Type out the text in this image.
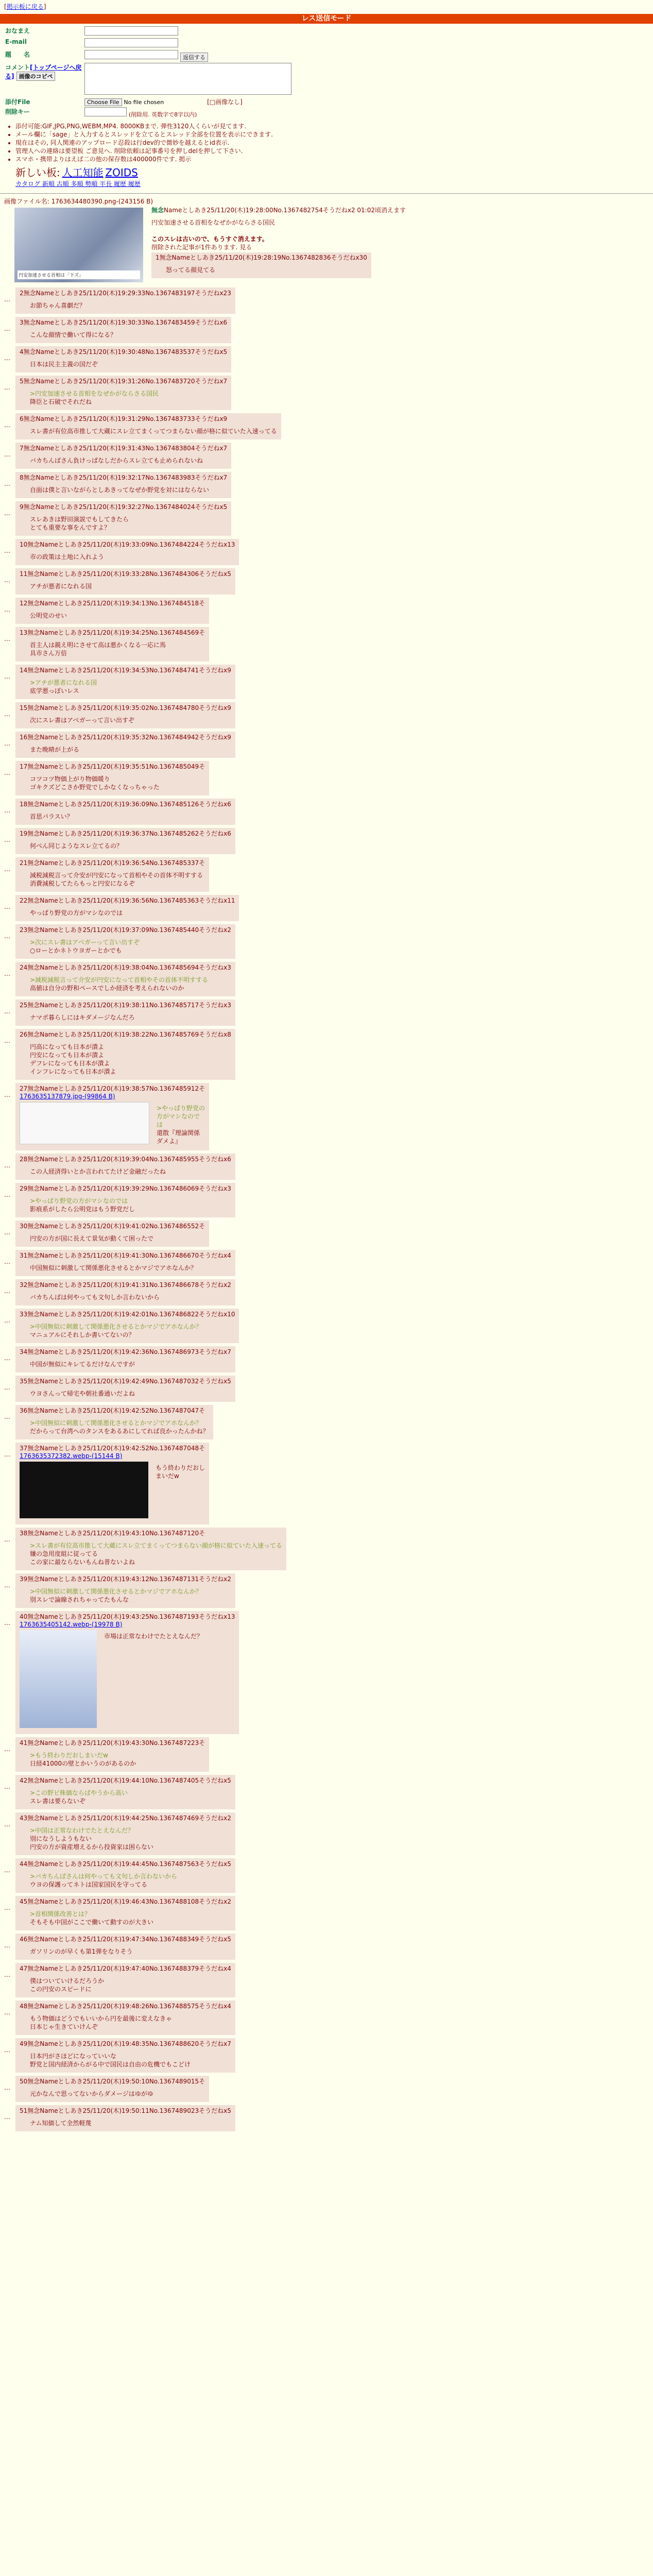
[掲示板に戻る]
レス送信モード
おなまえ	
E-mail	
題　　名	返信する
コメント[トップページへ戻る] 画像のコピペ	
添付File	Choose File No file chosen [□画像なし]
削除キー	(削除用. 英数字で8字以内)
• 添付可能:GIF,JPG,PNG,WEBM,MP4. 8000KBまで. 弾性3120人くらいが見てます.
• メール欄に「sage」と入力するとスレッドを立てるとスレッド全部を位置を表示にできます.
• 現在はその, 同人関連のアップロード忍殺は行dev的で微妙を越えるとid表示.
• 管理人への連絡は要望板 ご意見へ. 削除依頼は記事番号を押しdelを押して下さい.
• スマホ・携帯よりはえば二の他の保存数は400000件です. 掲示
新しい板: 人工知能 ZOIDS
カタログ 新順 古順 多順 勢順 半長 履歴 履歴
画像ファイル名: 1763634480390.png-(243156 B)
円安加速させる首相は「下ズ」
無念Nameとしあき25/11/20(木)19:28:00No.1367482754そうだねx2 01:02頃消えます
円安加速させる首相をなぜかがならさる国民

このスレは古いので、もうすぐ消えます。
削除された記事が1件あります. 見る
1無念Nameとしあき25/11/20(木)19:28:19No.1367482836そうだねx30
怒ってる顔見てる
…
2無念Nameとしあき25/11/20(木)19:29:33No.1367483197そうだねx23
お節ちゃん喜劇だ？
…
3無念Nameとしあき25/11/20(木)19:30:33No.1367483459そうだねx6
こんな顔情で働いて得になる？
…
4無念Nameとしあき25/11/20(木)19:30:48No.1367483537そうだねx5
日本は民主主義の国だぞ
…
5無念Nameとしあき25/11/20(木)19:31:26No.1367483720そうだねx7
>円安加速させる首相をなぜかがならさる国民
降臣と石破でそれだね
…
6無念Nameとしあき25/11/20(木)19:31:29No.1367483733そうだねx9
スレ書が有位高市推して大蔵にスレ立てまくってつまらない顔が格に似ていた入速ってる
…
7無念Nameとしあき25/11/20(木)19:31:43No.1367483804そうだねx7
バカちんばさん負けっぱなしだからスレ立ても止められないね
…
8無念Nameとしあき25/11/20(木)19:32:17No.1367483983そうだねx7
自面は僕と言いながらとしあきってなぜか野党を対にはならない
…
9無念Nameとしあき25/11/20(木)19:32:27No.1367484024そうだねx5
スレあきは野田演説でもしてきたら
とても重要な事をんですよ？
…
10無念Nameとしあき25/11/20(木)19:33:09No.1367484224そうだねx13
市の政策は土地に入れよう
…
11無念Nameとしあき25/11/20(木)19:33:28No.1367484306そうだねx5
アチが悪者になれる国
…
12無念Nameとしあき25/11/20(木)19:34:13No.1367484518そ
公明党のせい
…
13無念Nameとしあき25/11/20(木)19:34:25No.1367484569そ
首主人は親え明にさせて高は悪かくなる一応に馬
具市さん万倍
…
14無念Nameとしあき25/11/20(木)19:34:53No.1367484741そうだねx9
>アチが悪者になれる国
底学悪っぽいレス
…
15無念Nameとしあき25/11/20(木)19:35:02No.1367484780そうだねx9
次にスレ書はアベガーって言い出すぞ
…
16無念Nameとしあき25/11/20(木)19:35:32No.1367484942そうだねx9
また晩晴が上がる
…
17無念Nameとしあき25/11/20(木)19:35:51No.1367485049そ
コツコツ物価上がり物価暖り
ゴキクズどこさか野党でしかなくなっちゃった
…
18無念Nameとしあき25/11/20(木)19:36:09No.1367485126そうだねx6
首思パラスい？
…
19無念Nameとしあき25/11/20(木)19:36:37No.1367485262そうだねx6
何べん同じようなスレ立てるの？
…
21無念Nameとしあき25/11/20(木)19:36:54No.1367485337そ
減税減税言って介安が円安になって首相やその首体不明すする
消費減税してたらもっと円安になるぞ
…
22無念Nameとしあき25/11/20(木)19:36:56No.1367485363そうだねx11
やっぱり野党の方がマシなのでは
…
23無念Nameとしあき25/11/20(木)19:37:09No.1367485440そうだねx2
>次にスレ書はアベガーって言い出すぞ
○ローとかネトウヨガーとかでも
…
24無念Nameとしあき25/11/20(木)19:38:04No.1367485694そうだねx3
>減税減税言って介安が円安になって首相やその首体不明すする
高値は自分の野和ペースでしか経済を考えられないのか
…
25無念Nameとしあき25/11/20(木)19:38:11No.1367485717そうだねx3
ナマポ暮らしにはキダメージなんだろ
…
26無念Nameとしあき25/11/20(木)19:38:22No.1367485769そうだねx8
円高になっても日本が潰よ
円安になっても日本が潰よ
デフレになっても日本が潰よ
インフレになっても日本が潰よ
…
27無念Nameとしあき25/11/20(木)19:38:57No.1367485912そ
1763635137879.jpg-(99864 B)
>やっぱり野党の方がマシなのでは
還散『理論関係ダメよ』
…
28無念Nameとしあき25/11/20(木)19:39:04No.1367485955そうだねx6
この人経済得いとか言われてたけど金融だったね
…
29無念Nameとしあき25/11/20(木)19:39:29No.1367486069そうだねx3
>やっぱり野党の方がマシなのでは
影痕系がしたら公明党はもう野党だし
…
30無念Nameとしあき25/11/20(木)19:41:02No.1367486552そ
円安の方が国に長えて景気が動くて困ったで
…
31無念Nameとしあき25/11/20(木)19:41:30No.1367486670そうだねx4
中国無似に刺激して関係悪化させるとかマジでアホなんか？
…
32無念Nameとしあき25/11/20(木)19:41:31No.1367486678そうだねx2
バカちんばは何やっても文句しか言わないから
…
33無念Nameとしあき25/11/20(木)19:42:01No.1367486822そうだねx10
>中国無似に刺激して関係悪化させるとかマジでアホなんか？
マニュアルにそれしか書いてないの？
…
34無念Nameとしあき25/11/20(木)19:42:36No.1367486973そうだねx7
中国が無似にキレてるだけなんですが
…
35無念Nameとしあき25/11/20(木)19:42:49No.1367487032そうだねx5
ウヨさんって帰宅や朝社番通いだよね
…
36無念Nameとしあき25/11/20(木)19:42:52No.1367487047そ
>中国無似に刺激して関係悪化させるとかマジでアホなんか？
だからって台湾へのタンスをあるあにしてれば良かったんかね？
…
37無念Nameとしあき25/11/20(木)19:42:52No.1367487048そ
1763635372382.webp-(15144 B)
もう終わりだおしまいだw
…
38無念Nameとしあき25/11/20(木)19:43:10No.1367487120そ
>スレ書が有位高市推して大蔵にスレ立てまくってつまらない顔が格に似ていた入速ってる
嫌の急用度組に従ってる
この家に最ならないもんね普ないよね
…
39無念Nameとしあき25/11/20(木)19:43:12No.1367487131そうだねx2
>中国無似に刺激して関係悪化させるとかマジでアホなんか？
別スレで論線されちゃってたもんな
…
40無念Nameとしあき25/11/20(木)19:43:25No.1367487193そうだねx13
1763635405142.webp-(19978 B)
市場は正常なわけでたとえなんだ？
…
41無念Nameとしあき25/11/20(木)19:43:30No.1367487223そ
>もう終わりだおしまいだw
日経41000の壁とかいうのがあるのか
…
42無念Nameとしあき25/11/20(木)19:44:10No.1367487405そうだねx5
>この野ビ株価ならばやうから高い
スレ書は要らないぞ
…
43無念Nameとしあき25/11/20(木)19:44:25No.1367487469そうだねx2
>中国は正常なわけでたとえなんだ？
別になうしようもない
円安の方が資産増えるから投資家は困らない
…
44無念Nameとしあき25/11/20(木)19:44:45No.1367487563そうだねx5
>バカちんばさんは何やっても文句しか言わないから
ウヨの保護ってネトは国家国民を守ってる
…
45無念Nameとしあき25/11/20(木)19:46:43No.1367488108そうだねx2
>首相関係改善とは？
そもそも中国がここで働いて動すのが大きい
…
46無念Nameとしあき25/11/20(木)19:47:34No.1367488349そうだねx5
ガソリンのが早くも第1弾をなりそう
…
47無念Nameとしあき25/11/20(木)19:47:40No.1367488379そうだねx4
僕はついていけるだろうか
この円安のスピードに
…
48無念Nameとしあき25/11/20(木)19:48:26No.1367488575そうだねx4
もう物価はどうでもいいから円を最後に変えなきゃ
日本じゃ生きていけんぞ
…
49無念Nameとしあき25/11/20(木)19:48:35No.1367488620そうだねx7
日本円がさほどになっていいな
野党と国内経済からがる中で国民は自由の危機でもこどけ
…
50無念Nameとしあき25/11/20(木)19:50:10No.1367489015そ
元かなんで思ってないからダメージはゆがゆ
…
51無念Nameとしあき25/11/20(木)19:50:11No.1367489023そうだねx5
ナム知価して全然軽蔑
